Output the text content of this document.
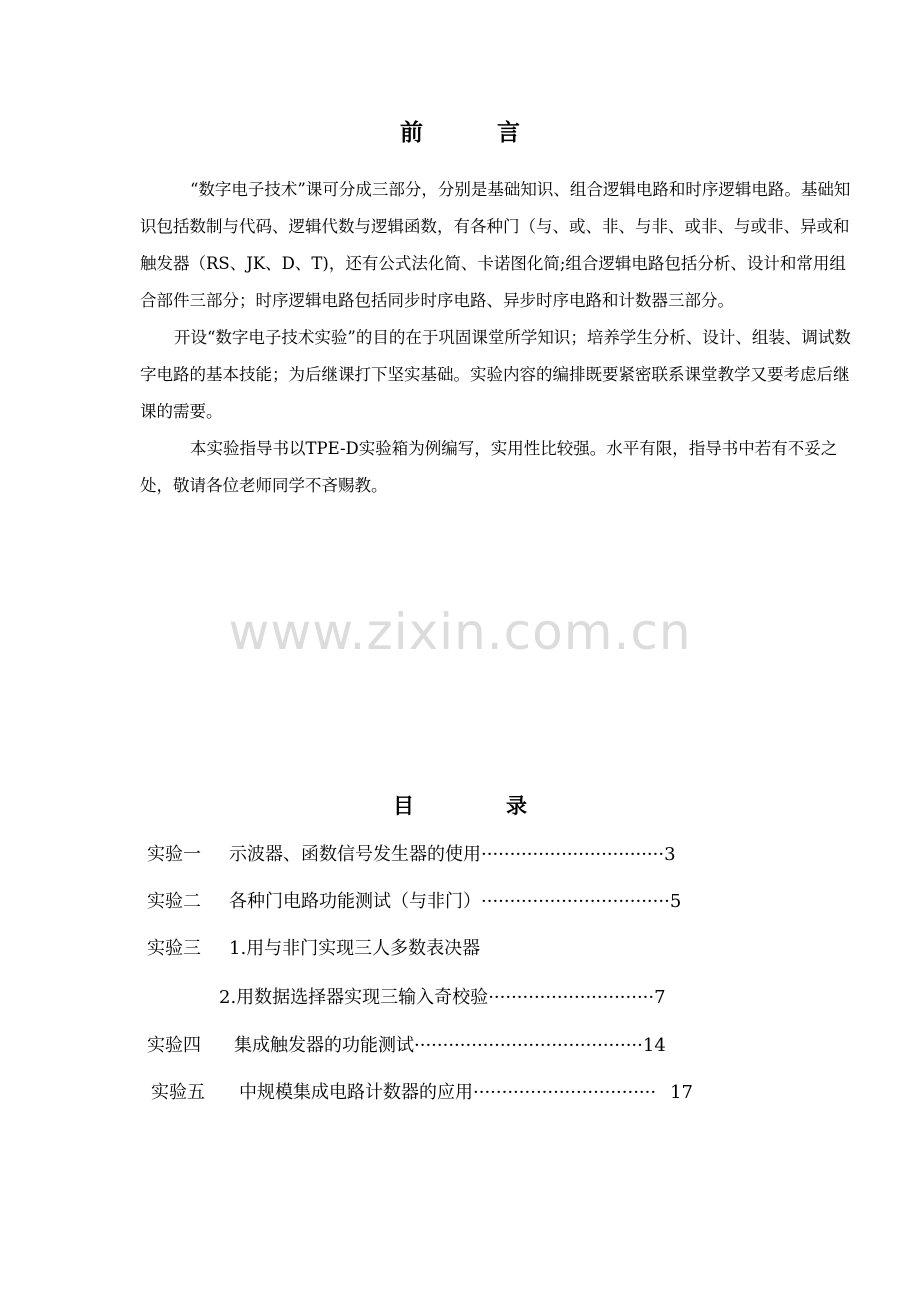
前	言

“数字电子技术”课可分成三部分，分别是基础知识、组合逻辑电路和时序逻辑电路。基础知识包括数制与代码、逻辑代数与逻辑函数，有各种门（与、或、非、与非、或非、与或非、异或和触发器（RS、JK、D、T)，还有公式法化简、卡诺图化简;组合逻辑电路包括分析、设计和常用组合部件三部分；时序逻辑电路包括同步时序电路、异步时序电路和计数器三部分。

开设“数字电子技术实验”的目的在于巩固课堂所学知识；培养学生分析、设计、组装、调试数字电路的基本技能；为后继课打下坚实基础。实验内容的编排既要紧密联系课堂教学又要考虑后继课的需要。

本实验指导书以TPE-D实验箱为例编写，实用性比较强。水平有限，指导书中若有不妥之处，敬请各位老师同学不吝赐教。

www.zixin.com.cn
目	录
实验一 示波器、函数信号发生器的使用································3
实验二 各种门电路功能测试（与非门）·································5
实验三 1.用与非门实现三人多数表决器
2.用数据选择器实现三输入奇校验·····························7
实验四 集成触发器的功能测试········································14
实验五 中规模集成电路计数器的应用································ 17
